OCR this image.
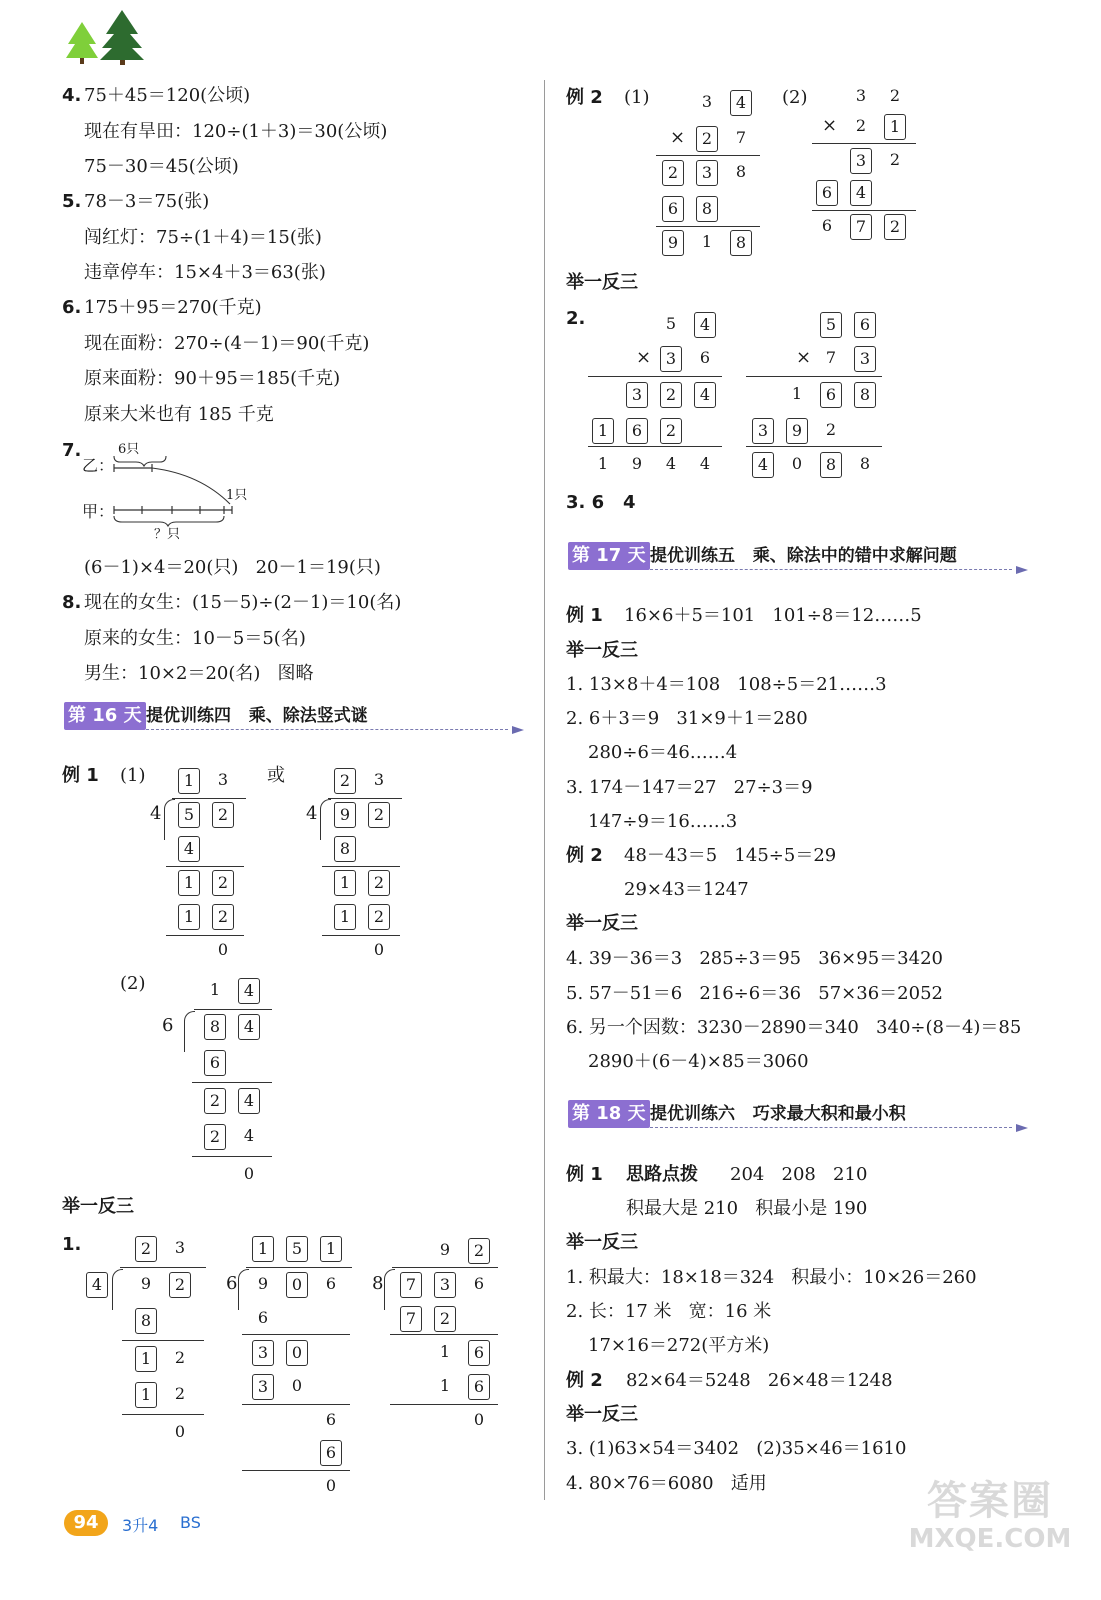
4. 75＋45＝120(公顷)
现在有旱田：120÷(1＋3)＝30(公顷)
75－30＝45(公顷)
5. 78－3＝75(张)
闯红灯：75÷(1＋4)＝15(张)
违章停车：15×4＋3＝63(张)
6. 175＋95＝270(千克)
现在面粉：270÷(4－1)＝90(千克)
原来面粉：90＋95＝185(千克)
原来大米也有 185 千克
7.
乙：
6只
甲：
1只
？只
(6－1)×4＝20(只)   20－1＝19(只)
8. 现在的女生：(15－5)÷(2－1)＝10(名)
原来的女生：10－5＝5(名)
男生：10×2＝20(名)   图略
第 16 天 提优训练四   乘、除法竖式谜
例 1 (1)	或
(2)
举一反三
1.
1	3
4	5	2
4
1	2
1	2
0
2	3
4	9	2
8
1	2
1	2
0
1	4
6	8	4
6
2	4
2	4
0
2	3
4	9	2
8
1	2
1	2
0
1	5	1
6	9	0	6
6
3	0
3	0
6
6
0
9	2
8	7	3	6
7	2
1	6
1	6
0
3	4
×	2	7
2	3	8
6	8
9	1	8
3	2
×	2	1
3	2
6	4
6	7	2
5	4
× 3	6
3	2	4
1	6	2
1	9	4	4
5	6
× 7	3
1	6	8
3	9	2
4	0	8	8
例 2 (1)	(2)
举一反三
2.
3. 6   4
第 17 天 提优训练五   乘、除法中的错中求解问题
例 1 16×6＋5＝101   101÷8＝12……5
举一反三
1. 13×8＋4＝108   108÷5＝21……3
2. 6＋3＝9   31×9＋1＝280
280÷6＝46……4
3. 174－147＝27   27÷3＝9
147÷9＝16……3
例 2 48－43＝5   145÷5＝29
29×43＝1247
举一反三
4. 39－36＝3   285÷3＝95   36×95＝3420
5. 57－51＝6   216÷6＝36   57×36＝2052
6. 另一个因数：3230－2890＝340   340÷(8－4)＝85
2890＋(6－4)×85＝3060
第 18 天 提优训练六   巧求最大积和最小积
例 1 思路点拨 204   208   210
积最大是 210   积最小是 190
举一反三
1. 积最大：18×18＝324   积最小：10×26＝260
2. 长：17 米   宽：16 米
17×16＝272(平方米)
例 2 82×64＝5248   26×48＝1248
举一反三
3. (1)63×54＝3402   (2)35×46＝1610
4. 80×76＝6080   适用
94	3升4 BS	答案圈
MXQE.COM
